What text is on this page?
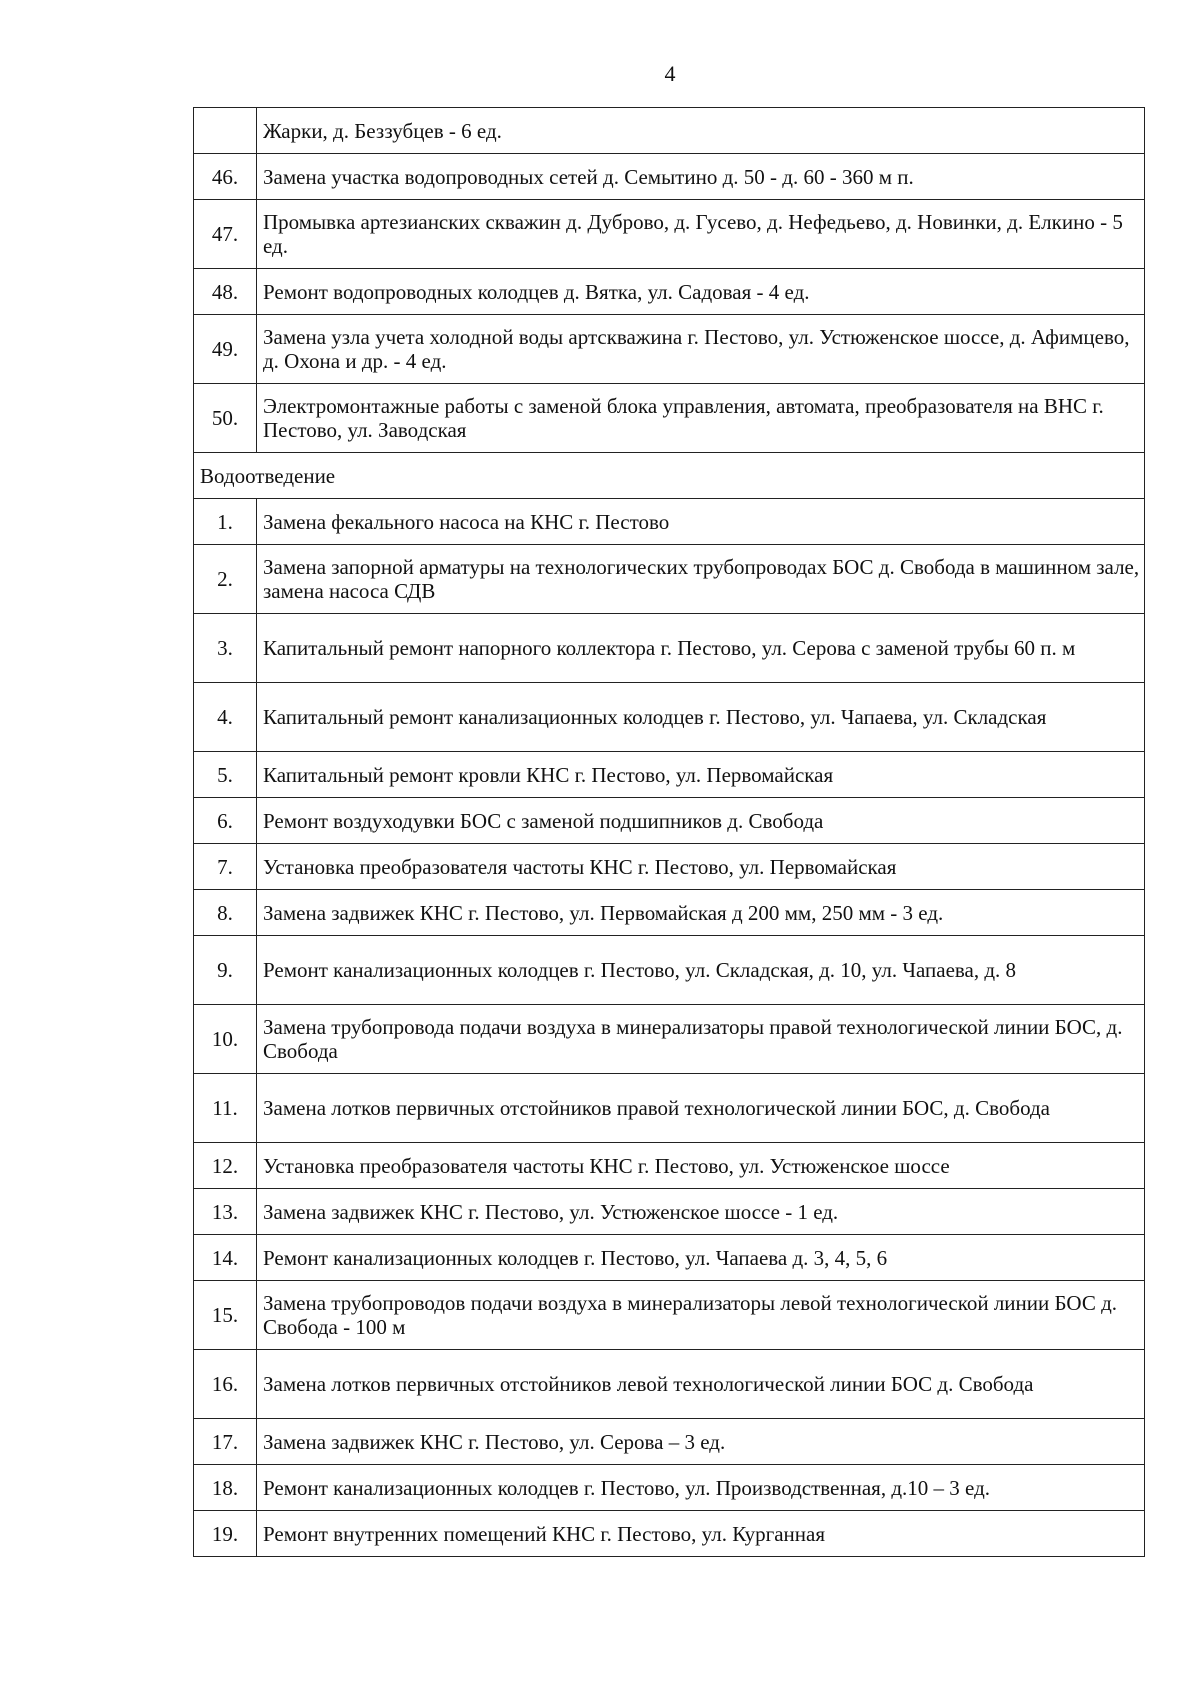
4
	Жарки, д. Беззубцев - 6 ед.
46.	Замена участка водопроводных сетей д. Семытино д. 50 - д. 60 - 360 м п.
47.	Промывка артезианских скважин д. Дуброво, д. Гусево, д. Нефедьево, д. Новинки, д. Елкино - 5 ед.
48.	Ремонт водопроводных колодцев д. Вятка, ул. Садовая - 4 ед.
49.	Замена узла учета холодной воды артскважина г. Пестово, ул. Устюженское шоссе, д. Афимцево, д. Охона и др. - 4 ед.
50.	Электромонтажные работы с заменой блока управления, автомата, преобразователя на ВНС г. Пестово, ул. Заводская
Водоотведение	
1.	Замена фекального насоса на КНС г. Пестово
2.	Замена запорной арматуры на технологических трубопроводах БОС д. Свобода в машинном зале, замена насоса СДВ
3.	Капитальный ремонт напорного коллектора г. Пестово, ул. Серова с заменой трубы 60 п. м
4.	Капитальный ремонт канализационных колодцев г. Пестово, ул. Чапаева, ул. Складская
5.	Капитальный ремонт кровли КНС г. Пестово, ул. Первомайская
6.	Ремонт воздуходувки БОС с заменой подшипников д. Свобода
7.	Установка преобразователя частоты КНС г. Пестово, ул. Первомайская
8.	Замена задвижек КНС г. Пестово, ул. Первомайская д 200 мм, 250 мм - 3 ед.
9.	Ремонт канализационных колодцев г. Пестово, ул. Складская, д. 10, ул. Чапаева, д. 8
10.	Замена трубопровода подачи воздуха в минерализаторы правой технологической линии БОС, д. Свобода
11.	Замена лотков первичных отстойников правой технологической линии БОС, д. Свобода
12.	Установка преобразователя частоты КНС г. Пестово, ул. Устюженское шоссе
13.	Замена задвижек КНС г. Пестово, ул. Устюженское шоссе - 1 ед.
14.	Ремонт канализационных колодцев г. Пестово, ул. Чапаева д. 3, 4, 5, 6
15.	Замена трубопроводов подачи воздуха в минерализаторы левой технологической линии БОС д. Свобода - 100 м
16.	Замена лотков первичных отстойников левой технологической линии БОС д. Свобода
17.	Замена задвижек КНС г. Пестово, ул. Серова – 3 ед.
18.	Ремонт канализационных колодцев г. Пестово, ул. Производственная, д.10 – 3 ед.
19.	Ремонт внутренних помещений КНС г. Пестово, ул. Курганная
